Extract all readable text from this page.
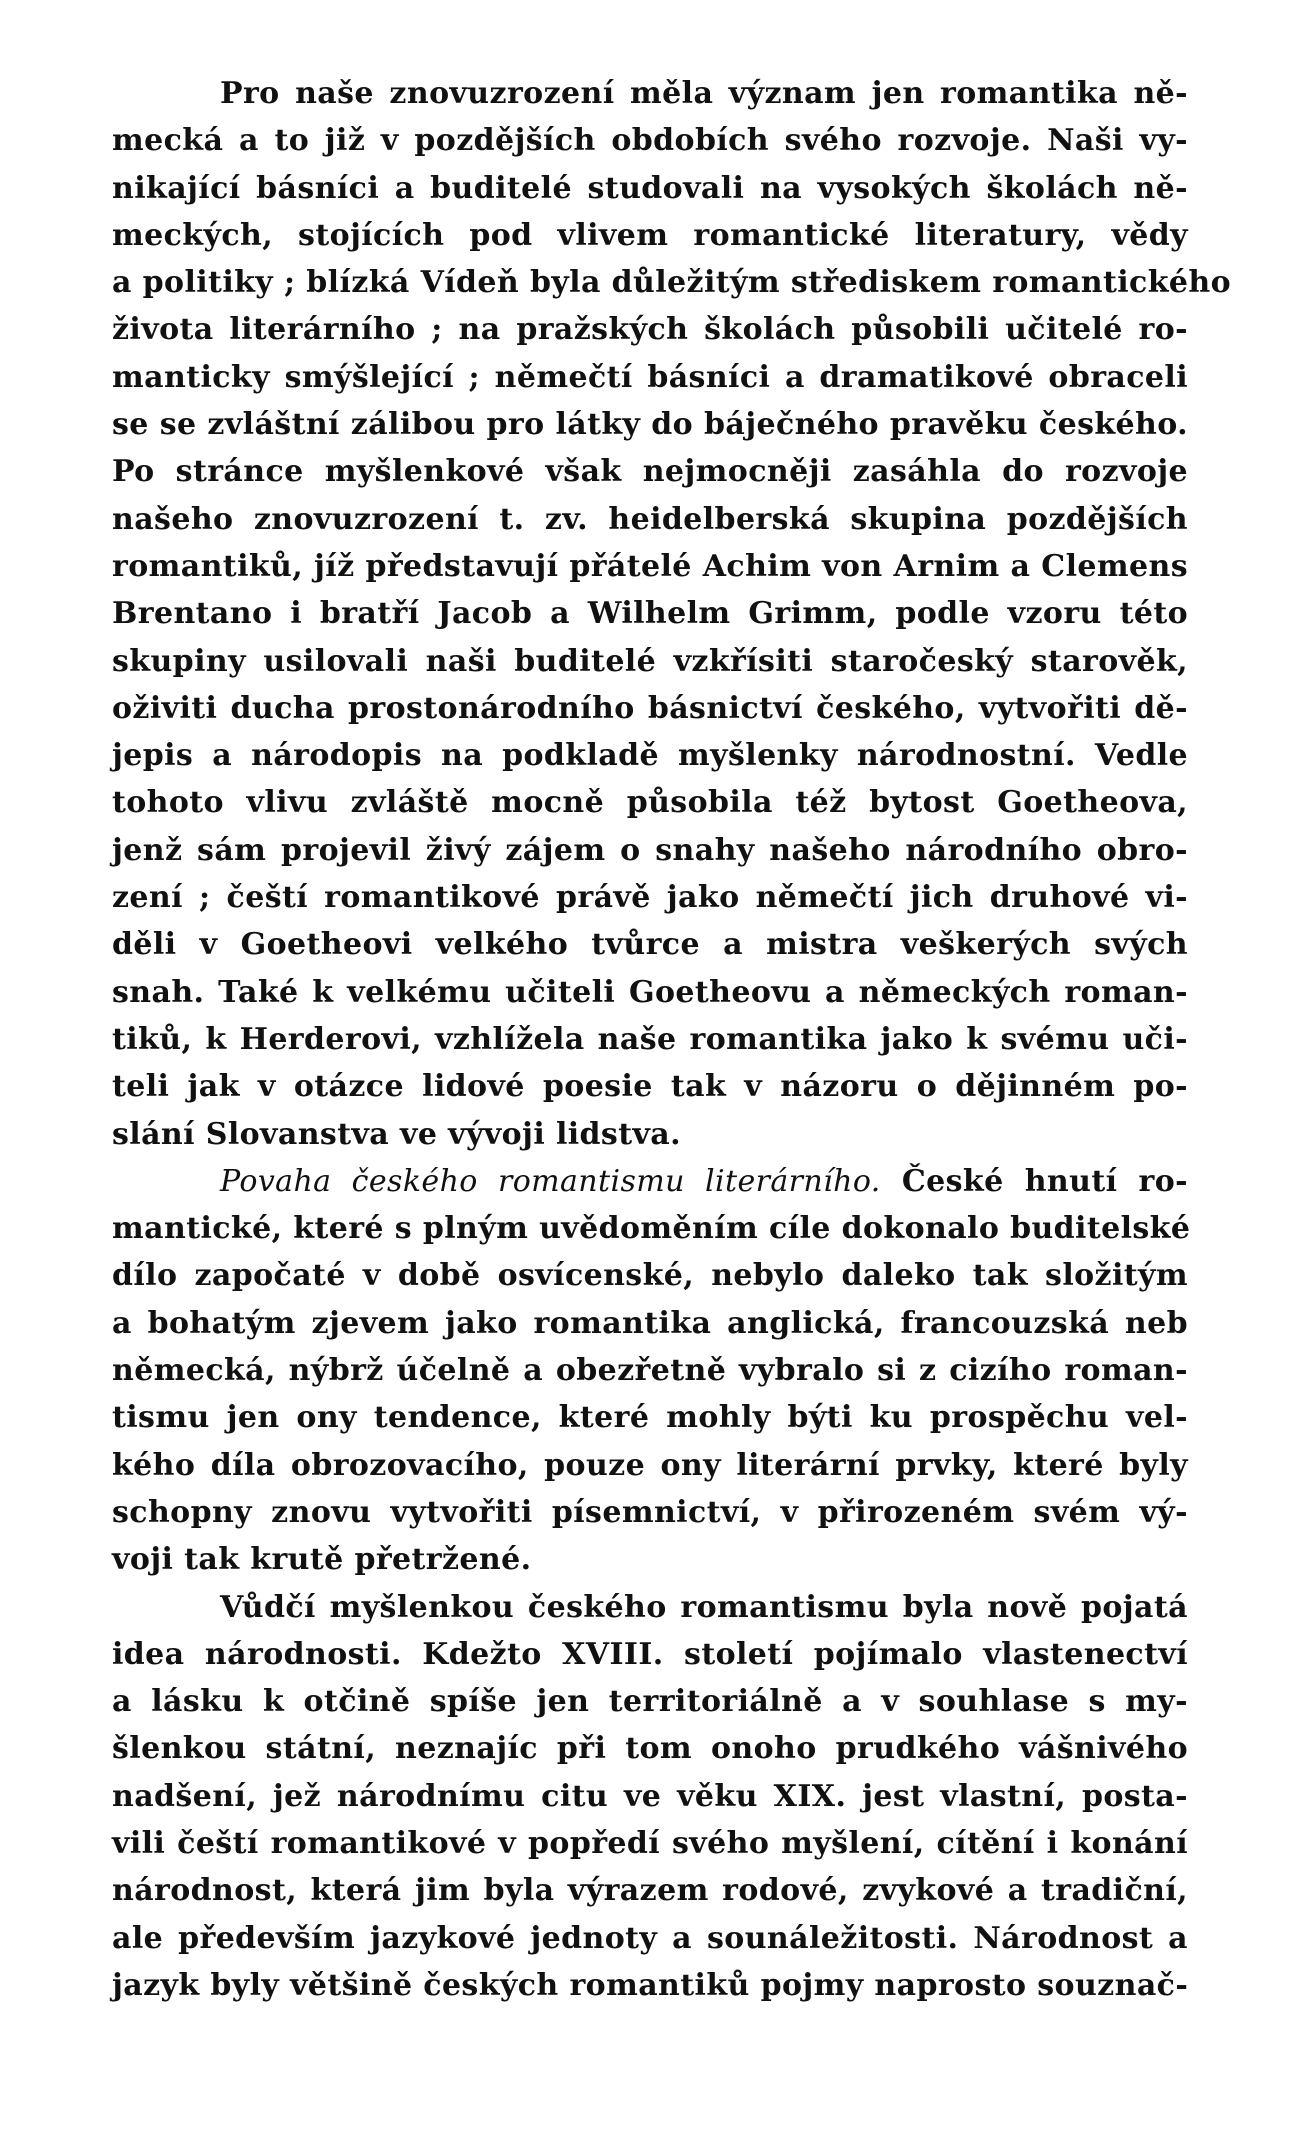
Pro naše znovuzrození měla význam jen romantika ně-
mecká a to již v pozdějších obdobích svého rozvoje. Naši vy-
nikající básníci a buditelé studovali na vysokých školách ně-
meckých, stojících pod vlivem romantické literatury, vědy
a politiky ; blízká Vídeň byla důležitým střediskem romantického
života literárního ; na pražských školách působili učitelé ro-
manticky smýšlející ; němečtí básníci a dramatikové obraceli
se se zvláštní zálibou pro látky do báječného pravěku českého.
Po stránce myšlenkové však nejmocněji zasáhla do rozvoje
našeho znovuzrození t. zv. heidelberská skupina pozdějších
romantiků, jíž představují přátelé Achim von Arnim a Clemens
Brentano i bratří Jacob a Wilhelm Grimm, podle vzoru této
skupiny usilovali naši buditelé vzkřísiti staročeský starověk,
oživiti ducha prostonárodního básnictví českého, vytvořiti dě-
jepis a národopis na podkladě myšlenky národnostní. Vedle
tohoto vlivu zvláště mocně působila též bytost Goetheova,
jenž sám projevil živý zájem o snahy našeho národního obro-
zení ; čeští romantikové právě jako němečtí jich druhové vi-
děli v Goetheovi velkého tvůrce a mistra veškerých svých
snah. Také k velkému učiteli Goetheovu a německých roman-
tiků, k Herderovi, vzhlížela naše romantika jako k svému uči-
teli jak v otázce lidové poesie tak v názoru o dějinném po-
slání Slovanstva ve vývoji lidstva.
Povaha českého romantismu literárního. České hnutí ro-
mantické, které s plným uvědoměním cíle dokonalo buditelské
dílo započaté v době osvícenské, nebylo daleko tak složitým
a bohatým zjevem jako romantika anglická, francouzská neb
německá, nýbrž účelně a obezřetně vybralo si z cizího roman-
tismu jen ony tendence, které mohly býti ku prospěchu vel-
kého díla obrozovacího, pouze ony literární prvky, které byly
schopny znovu vytvořiti písemnictví, v přirozeném svém vý-
voji tak krutě přetržené.
Vůdčí myšlenkou českého romantismu byla nově pojatá
idea národnosti. Kdežto XVIII. století pojímalo vlastenectví
a lásku k otčině spíše jen territoriálně a v souhlase s my-
šlenkou státní, neznajíc při tom onoho prudkého vášnivého
nadšení, jež národnímu citu ve věku XIX. jest vlastní, posta-
vili čeští romantikové v popředí svého myšlení, cítění i konání
národnost, která jim byla výrazem rodové, zvykové a tradiční,
ale především jazykové jednoty a sounáležitosti. Národnost a
jazyk byly většině českých romantiků pojmy naprosto souznač-
